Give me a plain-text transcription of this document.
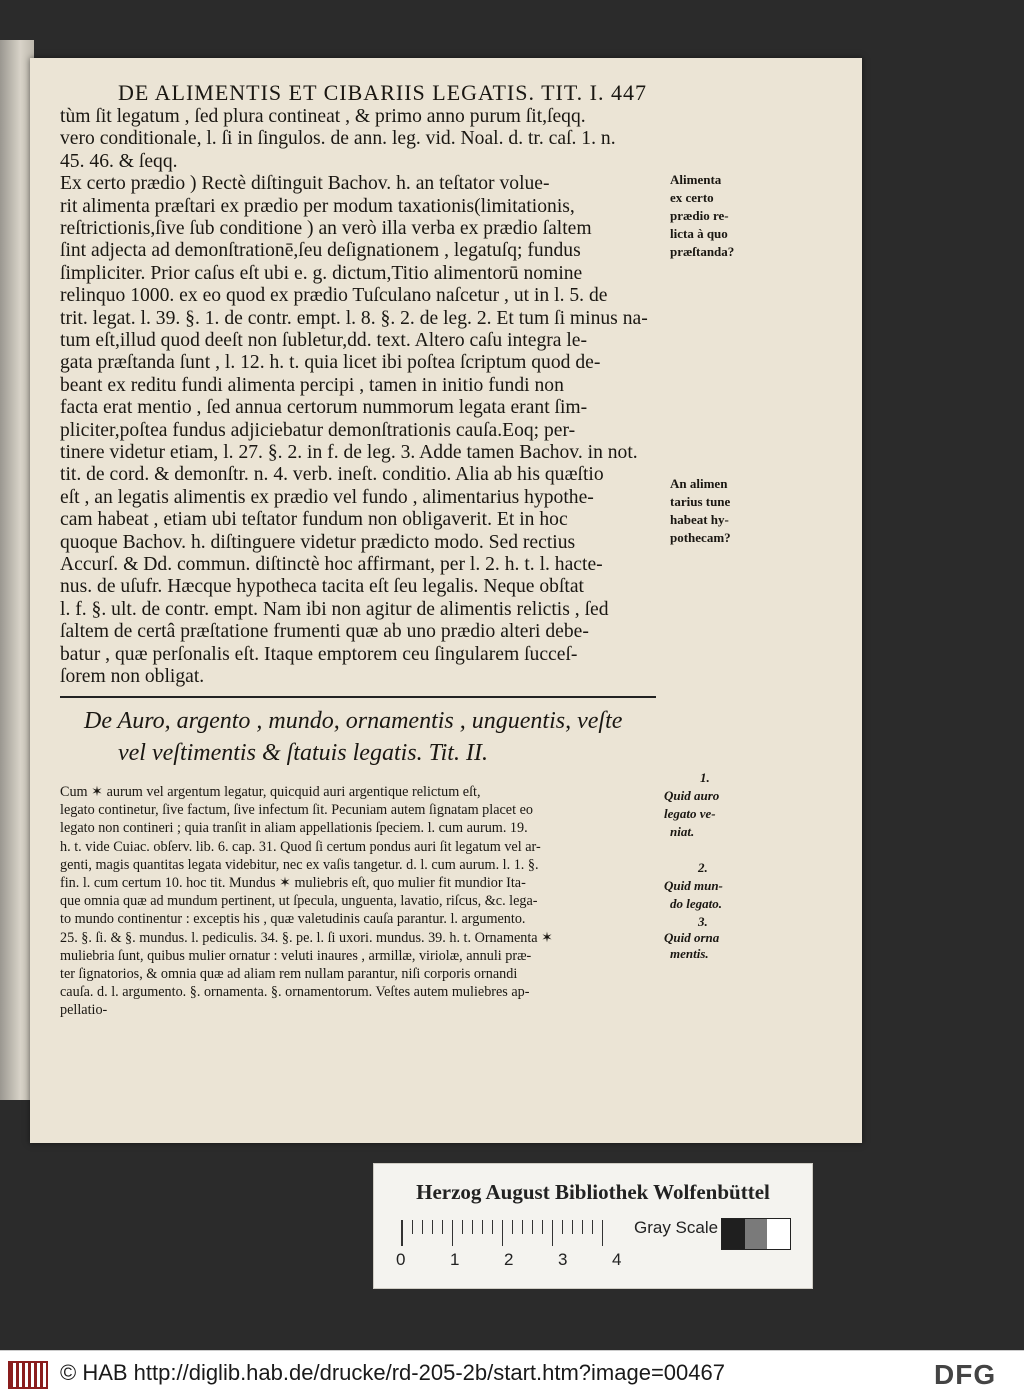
DE ALIMENTIS ET CIBARIIS LEGATIS. TIT. I. 447
tùm ſit legatum , ſed plura contineat , & primo anno purum ſit,ſeqq.
vero conditionale, l. ſi in ſingulos. de ann. leg. vid. Noal. d. tr. caſ. 1. n.
45. 46. & ſeqq.
Ex certo prædio ) Rectè diſtinguit Bachov. h. an teſtator volue-
rit alimenta præſtari ex prædio per modum taxationis(limitationis,
reſtrictionis,ſive ſub conditione ) an verò illa verba ex prædio ſaltem
ſint adjecta ad demonſtrationē,ſeu deſignationem , legatuſq; fundus
ſimpliciter. Prior caſus eſt ubi e. g. dictum,Titio alimentorū nomine
relinquo 1000. ex eo quod ex prædio Tuſculano naſcetur , ut in l. 5. de
trit. legat. l. 39. §. 1. de contr. empt. l. 8. §. 2. de leg. 2. Et tum ſi minus na-
tum eſt,illud quod deeſt non ſubletur,dd. text. Altero caſu integra le-
gata præſtanda ſunt , l. 12. h. t. quia licet ibi poſtea ſcriptum quod de-
beant ex reditu fundi alimenta percipi , tamen in initio fundi non
facta erat mentio , ſed annua certorum nummorum legata erant ſim-
pliciter,poſtea fundus adjiciebatur demonſtrationis cauſa.Eoq; per-
tinere videtur etiam, l. 27. §. 2. in f. de leg. 3. Adde tamen Bachov. in not.
tit. de cord. & demonſtr. n. 4. verb. ineſt. conditio. Alia ab his quæſtio
eſt , an legatis alimentis ex prædio vel fundo , alimentarius hypothe-
cam habeat , etiam ubi teſtator fundum non obligaverit. Et in hoc
quoque Bachov. h. diſtinguere videtur prædicto modo. Sed rectius
Accurſ. & Dd. commun. diſtinctè hoc affirmant, per l. 2. h. t. l. hacte-
nus. de uſufr. Hæcque hypotheca tacita eſt ſeu legalis. Neque obſtat
l. f. §. ult. de contr. empt. Nam ibi non agitur de alimentis relictis , ſed
ſaltem de certâ præſtatione frumenti quæ ab uno prædio alteri debe-
batur , quæ perſonalis eſt. Itaque emptorem ceu ſingularem ſucceſ-
ſorem non obligat.
Alimenta
ex certo
prædio re-
licta à quo
præſtanda?
An alimen
tarius tune
habeat hy-
pothecam?
De Auro, argento , mundo, ornamentis , unguentis, veſte
vel veſtimentis & ſtatuis legatis. Tit. II.
Cum ✶ aurum vel argentum legatur, quicquid auri argentique relictum eſt,
legato continetur, ſive factum, ſive infectum ſit. Pecuniam autem ſignatam placet eo
legato non contineri ; quia tranſit in aliam appellationis ſpeciem. l. cum aurum. 19.
h. t. vide Cuiac. obſerv. lib. 6. cap. 31. Quod ſi certum pondus auri ſit legatum vel ar-
genti, magis quantitas legata videbitur, nec ex vaſis tangetur. d. l. cum aurum. l. 1. §.
fin. l. cum certum 10. hoc tit. Mundus ✶ muliebris eſt, quo mulier fit mundior Ita-
que omnia quæ ad mundum pertinent, ut ſpecula, unguenta, lavatio, riſcus, &c. lega-
to mundo continentur : exceptis his , quæ valetudinis cauſa parantur. l. argumento.
25. §. ſi. & §. mundus. l. pediculis. 34. §. pe. l. ſi uxori. mundus. 39. h. t. Ornamenta ✶
muliebria ſunt, quibus mulier ornatur : veluti inaures , armillæ, viriolæ, annuli præ-
ter ſignatorios, & omnia quæ ad aliam rem nullam parantur, niſi corporis ornandi
cauſa. d. l. argumento. §. ornamenta. §. ornamentorum. Veſtes autem muliebres ap-
pellatio-
1.
Quid auro
legato ve-
niat.
2.
Quid mun-
do legato.
3.
Quid orna
mentis.
Herzog August Bibliothek Wolfenbüttel
Gray Scale
0	1	2	3	4
© HAB http://diglib.hab.de/drucke/rd-205-2b/start.htm?image=00467	DFG
